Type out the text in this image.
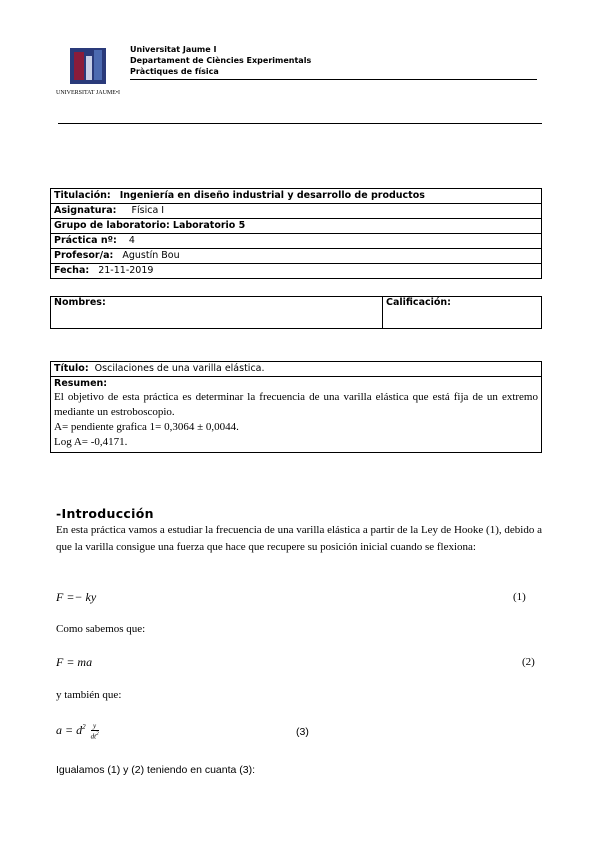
UNIVERSITAT JAUME•I
Universitat Jaume I
Departament de Ciències Experimentals
Pràctiques de física
Titulación: Ingeniería en diseño industrial y desarrollo de productos
Asignatura: Física I
Grupo de laboratorio: Laboratorio 5
Práctica nº: 4
Profesor/a: Agustín Bou
Fecha: 21-11-2019
Nombres:	Calificación:
Título: Oscilaciones de una varilla elástica.

Resumen:
El objetivo de esta práctica es determinar la frecuencia de una varilla elástica que está fija de un extremo mediante un estroboscopio.
A= pendiente grafica 1= 0,3064 ± 0,0044.
Log A= -0,4171.
-Introducción
En esta práctica vamos a estudiar la frecuencia de una varilla elástica a partir de la Ley de Hooke (1), debido a que la varilla consigue una fuerza que hace que recupere su posición inicial cuando se flexiona:
F =− ky	(1)
Como sabemos que:
F = ma	(2)
y también que:
$a = d^2 \frac{y}{dt^2}$	(3)
Igualamos (1) y (2) teniendo en cuanta (3):
